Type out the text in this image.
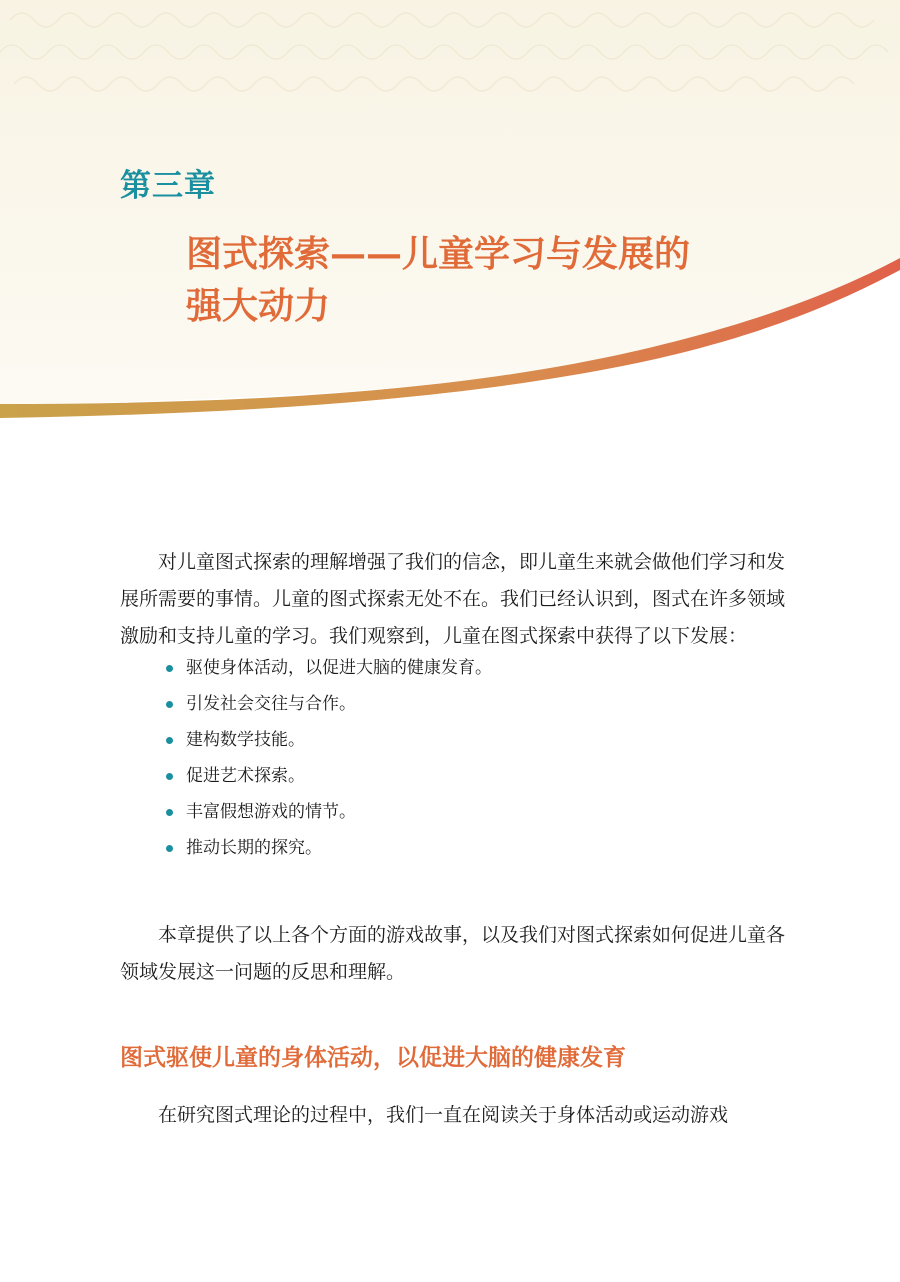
第三章
图式探索——儿童学习与发展的
强大动力

对儿童图式探索的理解增强了我们的信念，即儿童生来就会做他们学习和发展所需要的事情。儿童的图式探索无处不在。我们已经认识到，图式在许多领域激励和支持儿童的学习。我们观察到，儿童在图式探索中获得了以下发展：

驱使身体活动，以促进大脑的健康发育。
引发社会交往与合作。
建构数学技能。
促进艺术探索。
丰富假想游戏的情节。
推动长期的探究。

本章提供了以上各个方面的游戏故事，以及我们对图式探索如何促进儿童各领域发展这一问题的反思和理解。

图式驱使儿童的身体活动，以促进大脑的健康发育

在研究图式理论的过程中，我们一直在阅读关于身体活动或运动游戏
